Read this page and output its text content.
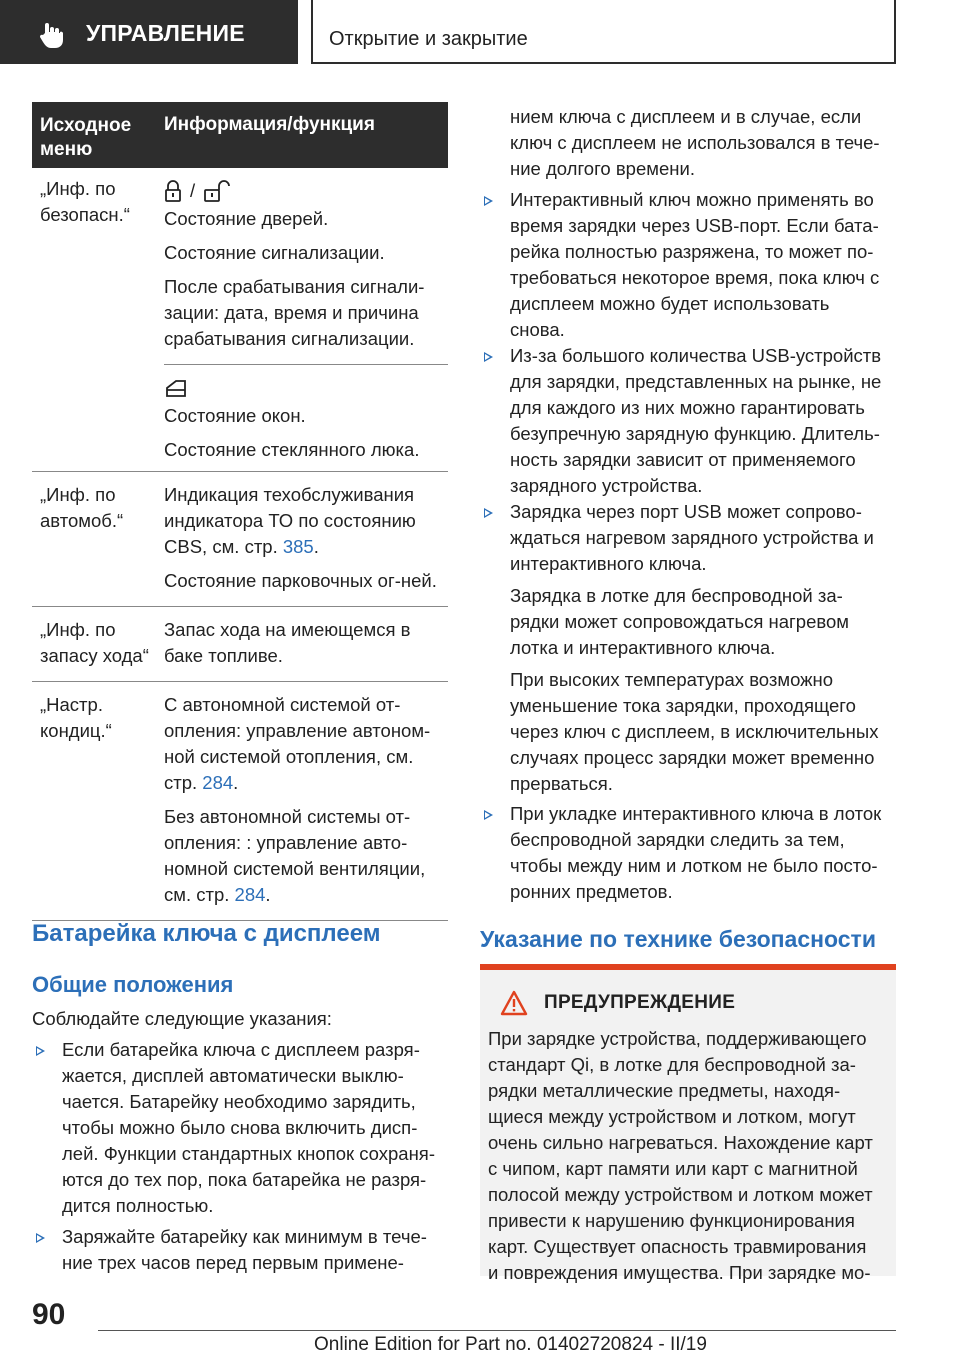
УПРАВЛЕНИЕ	Открытие и закрытие
Исходное меню
Информация/функция
„Инф. по безопасн.“
/
Состояние дверей.
Состояние сигнализации.
После срабатывания сигнали-зации: дата, время и причина срабатывания сигнализации.
Состояние окон.
Состояние стеклянного люка.
„Инф. по автомоб.“
Индикация техобслуживания индикатора ТО по состоянию CBS, см. стр. 385.
Состояние парковочных ог-ней.
„Инф. по запасу хода“
Запас хода на имеющемся в баке топливе.
„Настр. кондиц.“
С автономной системой от-опления: управление автоном-ной системой отопления, см. стр. 284.
Без автономной системы от-опления: : управление авто-номной системой вентиляции, см. стр. 284.
Батарейка ключа с дисплеем
Общие положения
Соблюдайте следующие указания:
Если батарейка ключа с дисплеем разря-
жается, дисплей автоматически выклю-
чается. Батарейку необходимо зарядить,
чтобы можно было снова включить дисп-
лей. Функции стандартных кнопок сохраня-
ются до тех пор, пока батарейка не разря-
дится полностью.
Заряжайте батарейку как минимум в тече-
ние трех часов перед первым примене-
нием ключа с дисплеем и в случае, если
ключ с дисплеем не использовался в тече-
ние долгого времени.
Интерактивный ключ можно применять во
время зарядки через USB-порт. Если бата-
рейка полностью разряжена, то может по-
требоваться некоторое время, пока ключ с
дисплеем можно будет использовать
снова.
Из-за большого количества USB-устройств
для зарядки, представленных на рынке, не
для каждого из них можно гарантировать
безупречную зарядную функцию. Длитель-
ность зарядки зависит от применяемого
зарядного устройства.
Зарядка через порт USB может сопрово-
ждаться нагревом зарядного устройства и
интерактивного ключа.
Зарядка в лотке для беспроводной за-
рядки может сопровождаться нагревом
лотка и интерактивного ключа.
При высоких температурах возможно
уменьшение тока зарядки, проходящего
через ключ с дисплеем, в исключительных
случаях процесс зарядки может временно
прерваться.
При укладке интерактивного ключа в лоток
беспроводной зарядки следить за тем,
чтобы между ним и лотком не было посто-
ронних предметов.
Указание по технике безопасности
ПРЕДУПРЕЖДЕНИЕ
При зарядке устройства, поддерживающего
стандарт Qi, в лотке для беспроводной за-
рядки металлические предметы, находя-
щиеся между устройством и лотком, могут
очень сильно нагреваться. Нахождение карт
с чипом, карт памяти или карт с магнитной
полосой между устройством и лотком может
привести к нарушению функционирования
карт. Существует опасность травмирования
и повреждения имущества. При зарядке мо-
90
Online Edition for Part no. 01402720824 - II/19
